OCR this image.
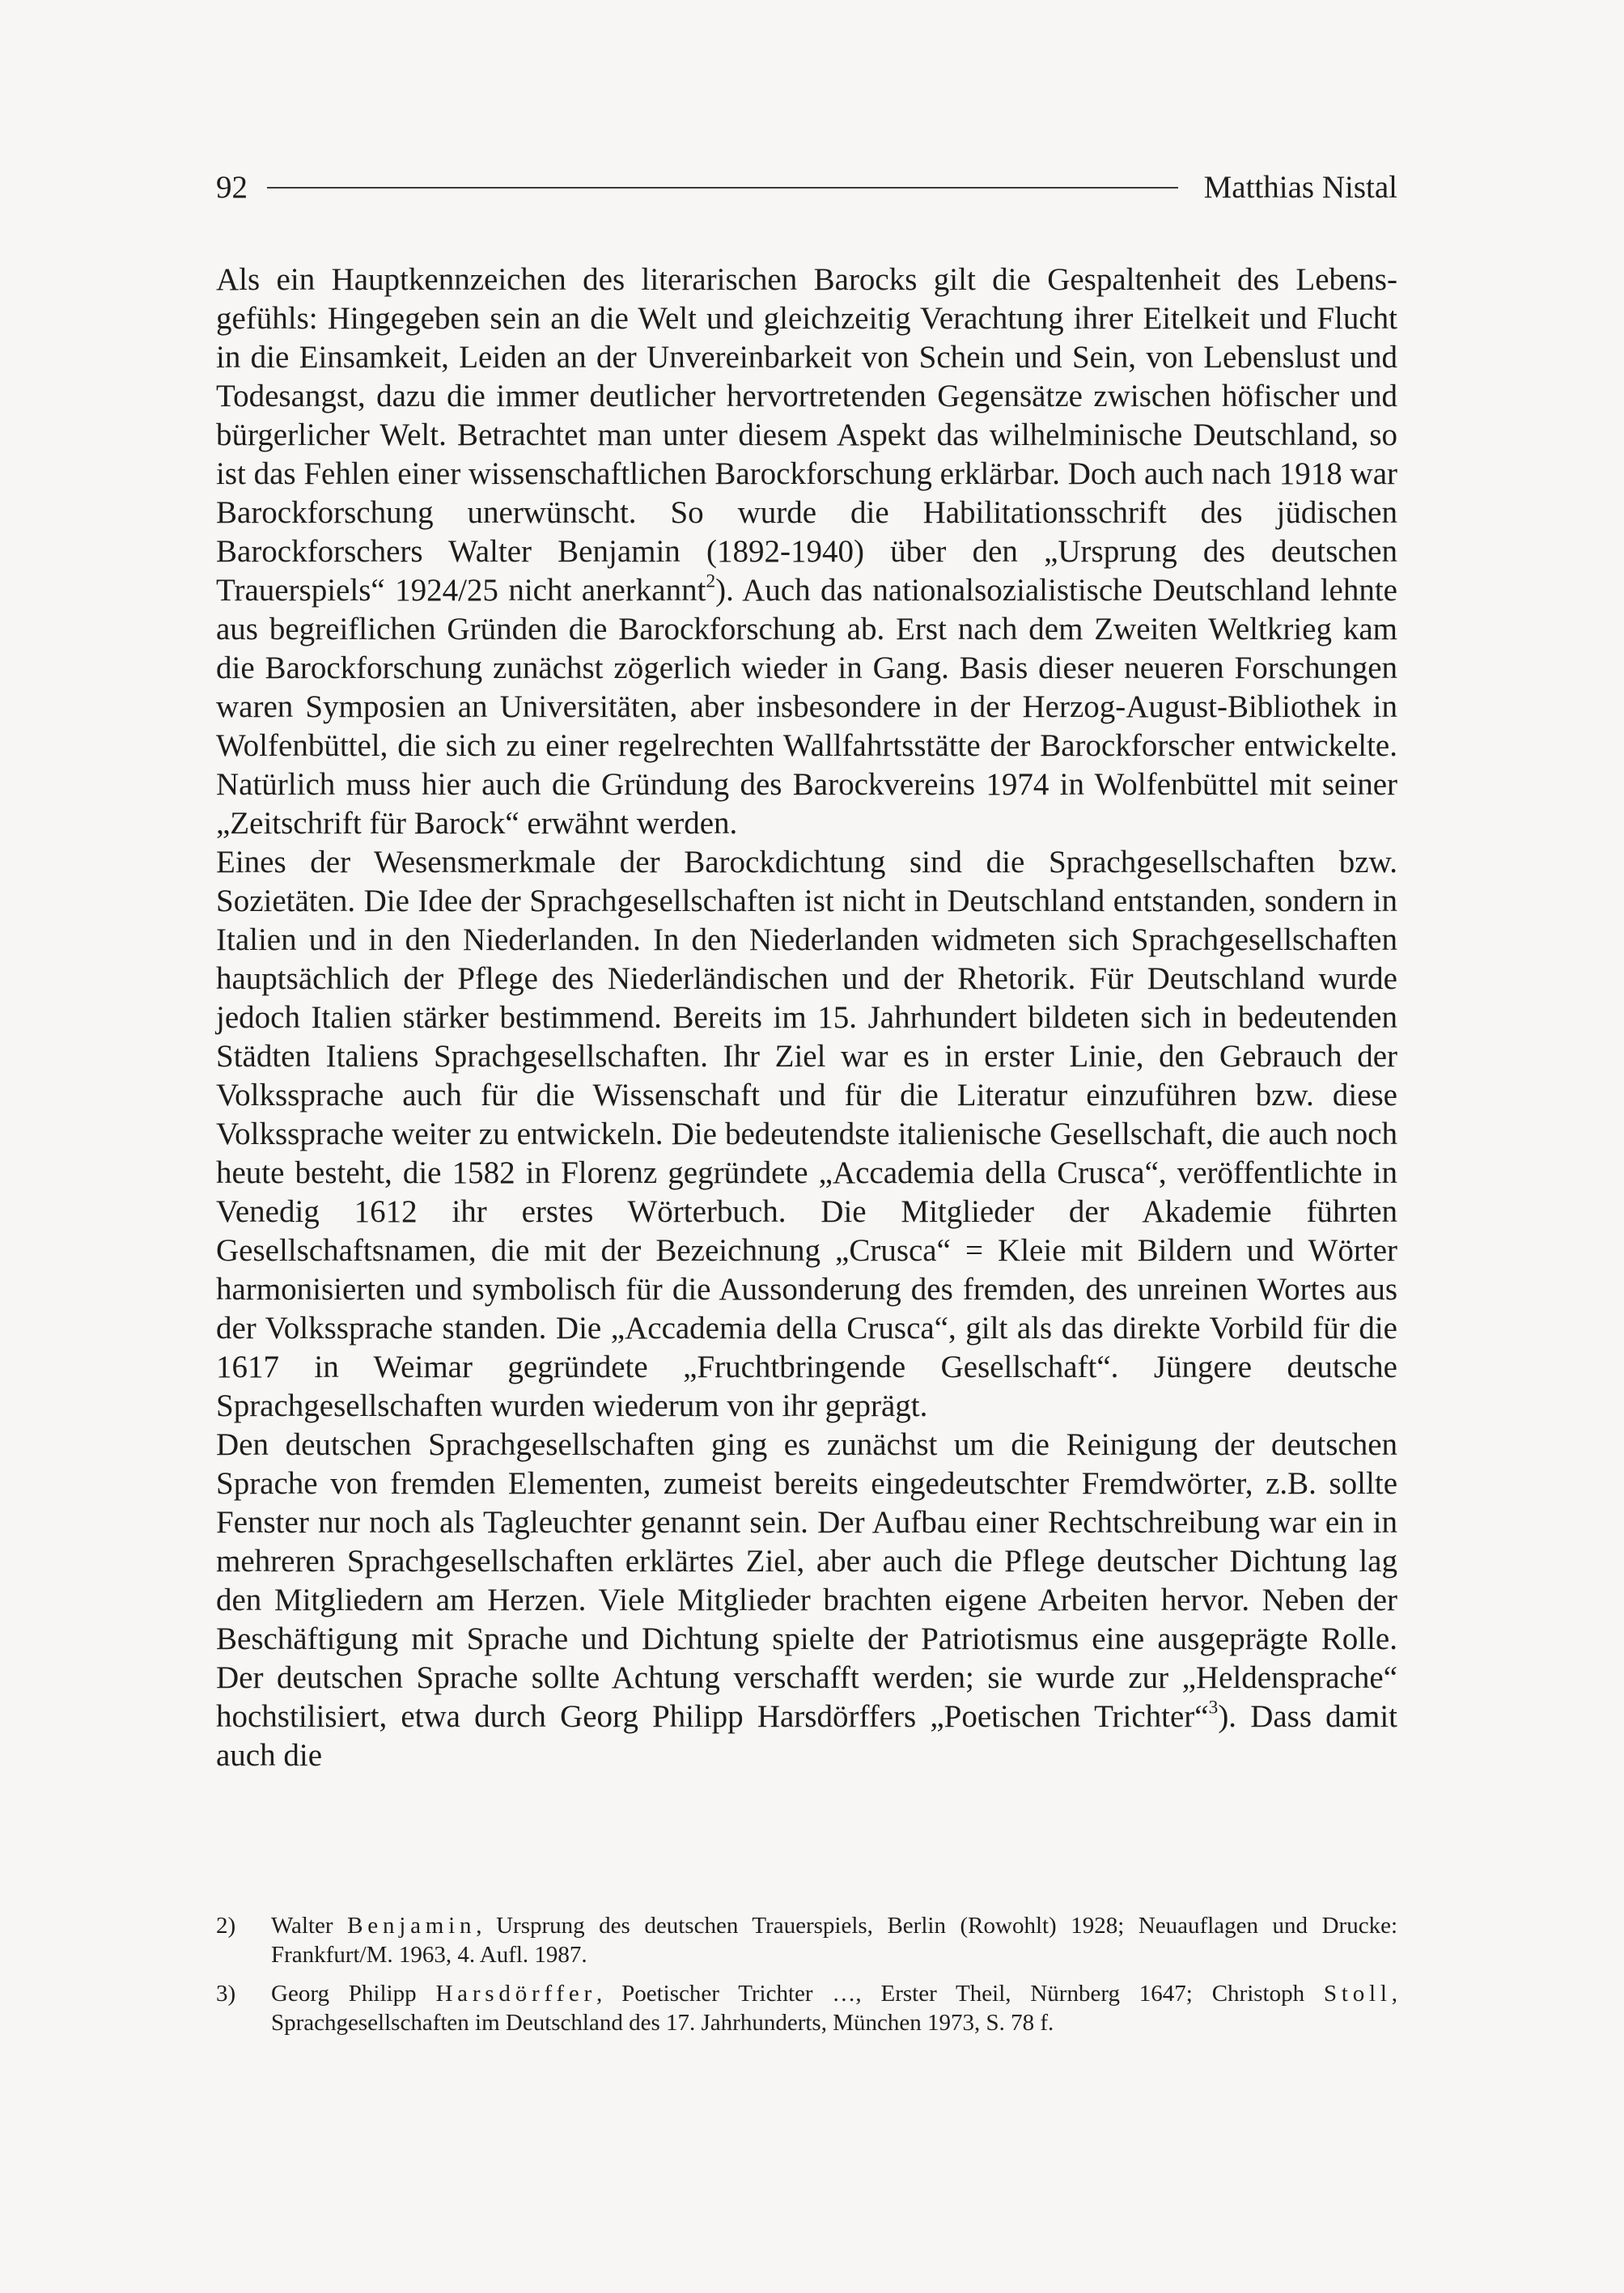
92	Matthias Nistal

Als ein Hauptkennzeichen des literarischen Barocks gilt die Gespaltenheit des Lebensgefühls: Hingegeben sein an die Welt und gleichzeitig Verachtung ihrer Eitelkeit und Flucht in die Einsamkeit, Leiden an der Unvereinbarkeit von Schein und Sein, von Lebenslust und Todesangst, dazu die immer deutlicher hervortretenden Gegensätze zwischen höfischer und bürgerlicher Welt. Betrachtet man unter diesem Aspekt das wilhelminische Deutschland, so ist das Fehlen einer wissenschaftlichen Barockforschung erklärbar. Doch auch nach 1918 war Barockforschung unerwünscht. So wurde die Habilitationsschrift des jüdischen Barockforschers Walter Benjamin (1892-1940) über den „Ursprung des deutschen Trauerspiels“ 1924/25 nicht anerkannt$^2$). Auch das nationalsozialistische Deutschland lehnte aus begreiflichen Gründen die Barockforschung ab. Erst nach dem Zweiten Weltkrieg kam die Barockforschung zunächst zögerlich wieder in Gang. Basis dieser neueren Forschungen waren Symposien an Universitäten, aber insbesondere in der Herzog-August-Bibliothek in Wolfenbüttel, die sich zu einer regelrechten Wallfahrtsstätte der Barockforscher entwickelte. Natürlich muss hier auch die Gründung des Barockvereins 1974 in Wolfenbüttel mit seiner „Zeitschrift für Barock“ erwähnt werden.

Eines der Wesensmerkmale der Barockdichtung sind die Sprachgesellschaften bzw. Sozietäten. Die Idee der Sprachgesellschaften ist nicht in Deutschland entstanden, sondern in Italien und in den Niederlanden. In den Niederlanden widmeten sich Sprachgesellschaften hauptsächlich der Pflege des Niederländischen und der Rhetorik. Für Deutschland wurde jedoch Italien stärker bestimmend. Bereits im 15. Jahrhundert bildeten sich in bedeutenden Städten Italiens Sprachgesellschaften. Ihr Ziel war es in erster Linie, den Gebrauch der Volkssprache auch für die Wissenschaft und für die Literatur einzuführen bzw. diese Volkssprache weiter zu entwickeln. Die bedeutendste italienische Gesellschaft, die auch noch heute besteht, die 1582 in Florenz gegründete „Accademia della Crusca“, veröffentlichte in Venedig 1612 ihr erstes Wörterbuch. Die Mitglieder der Akademie führten Gesellschaftsnamen, die mit der Bezeichnung „Crusca“ = Kleie mit Bildern und Wörter harmonisierten und symbolisch für die Aussonderung des fremden, des unreinen Wortes aus der Volkssprache standen. Die „Accademia della Crusca“, gilt als das direkte Vorbild für die 1617 in Weimar gegründete „Fruchtbringende Gesellschaft“. Jüngere deutsche Sprachgesellschaften wurden wiederum von ihr geprägt.

Den deutschen Sprachgesellschaften ging es zunächst um die Reinigung der deutschen Sprache von fremden Elementen, zumeist bereits eingedeutschter Fremdwörter, z.B. sollte Fenster nur noch als Tagleuchter genannt sein. Der Aufbau einer Rechtschreibung war ein in mehreren Sprachgesellschaften erklärtes Ziel, aber auch die Pflege deutscher Dichtung lag den Mitgliedern am Herzen. Viele Mitglieder brachten eigene Arbeiten hervor. Neben der Beschäftigung mit Sprache und Dichtung spielte der Patriotismus eine ausgeprägte Rolle. Der deutschen Sprache sollte Achtung verschafft werden; sie wurde zur „Heldensprache“ hochstilisiert, etwa durch Georg Philipp Harsdörffers „Poetischen Trichter“$^3$). Dass damit auch die

2)	Walter Benjamin, Ursprung des deutschen Trauerspiels, Berlin (Rowohlt) 1928; Neuauflagen und Drucke: Frankfurt/M. 1963, 4. Aufl. 1987.
3)	Georg Philipp Harsdörffer, Poetischer Trichter …, Erster Theil, Nürnberg 1647; Christoph Stoll, Sprachgesellschaften im Deutschland des 17. Jahrhunderts, München 1973, S. 78 f.
